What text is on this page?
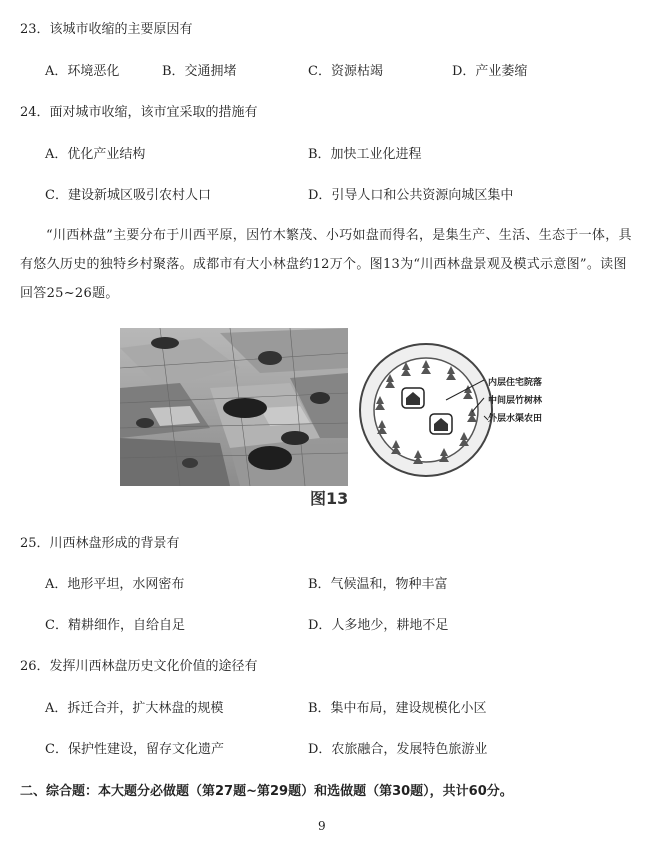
23．该城市收缩的主要原因有
A．环境恶化	B．交通拥堵	C．资源枯竭	D．产业萎缩
24．面对城市收缩，该市宜采取的措施有
A．优化产业结构	B．加快工业化进程
C．建设新城区吸引农村人口	D．引导人口和公共资源向城区集中
“川西林盘”主要分布于川西平原，因竹木繁茂、小巧如盘而得名，是集生产、生活、生态于一体，具有悠久历史的独特乡村聚落。成都市有大小林盘约12万个。图13为“川西林盘景观及模式示意图”。读图回答25~26题。
内层住宅院落
中间层竹树林
外层水渠农田
图13
25．川西林盘形成的背景有
A．地形平坦，水网密布	B．气候温和，物种丰富
C．精耕细作，自给自足	D．人多地少，耕地不足
26．发挥川西林盘历史文化价值的途径有
A．拆迁合并，扩大林盘的规模	B．集中布局，建设规模化小区
C．保护性建设，留存文化遗产	D．农旅融合，发展特色旅游业
二、综合题：本大题分必做题（第27题~第29题）和选做题（第30题），共计60分。
9
